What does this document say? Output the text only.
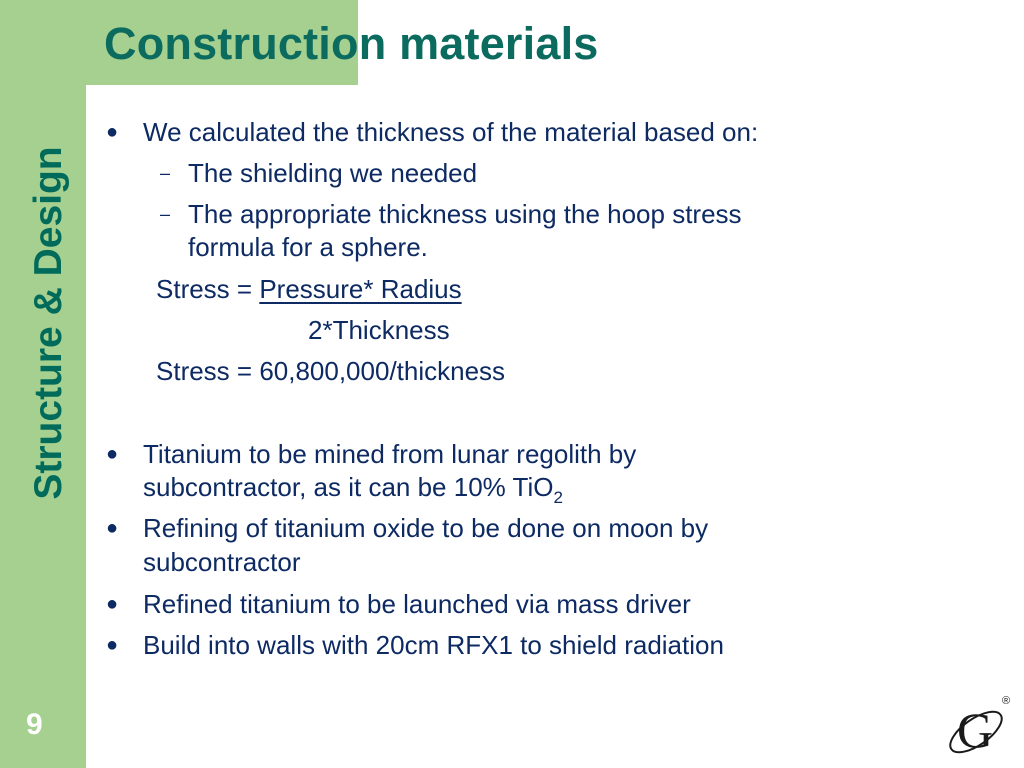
Construction materials
Structure & Design
9
● We calculated the thickness of the material based on:
– The shielding we needed
– The appropriate thickness using the hoop stress
formula for a sphere.
Stress = Pressure* Radius
2*Thickness
Stress = 60,800,000/thickness
● Titanium to be mined from lunar regolith by
subcontractor, as it can be 10% TiO$_2$
● Refining of titanium oxide to be done on moon by
subcontractor
● Refined titanium to be launched via mass driver
● Build into walls with 20cm RFX1 to shield radiation
G
®
